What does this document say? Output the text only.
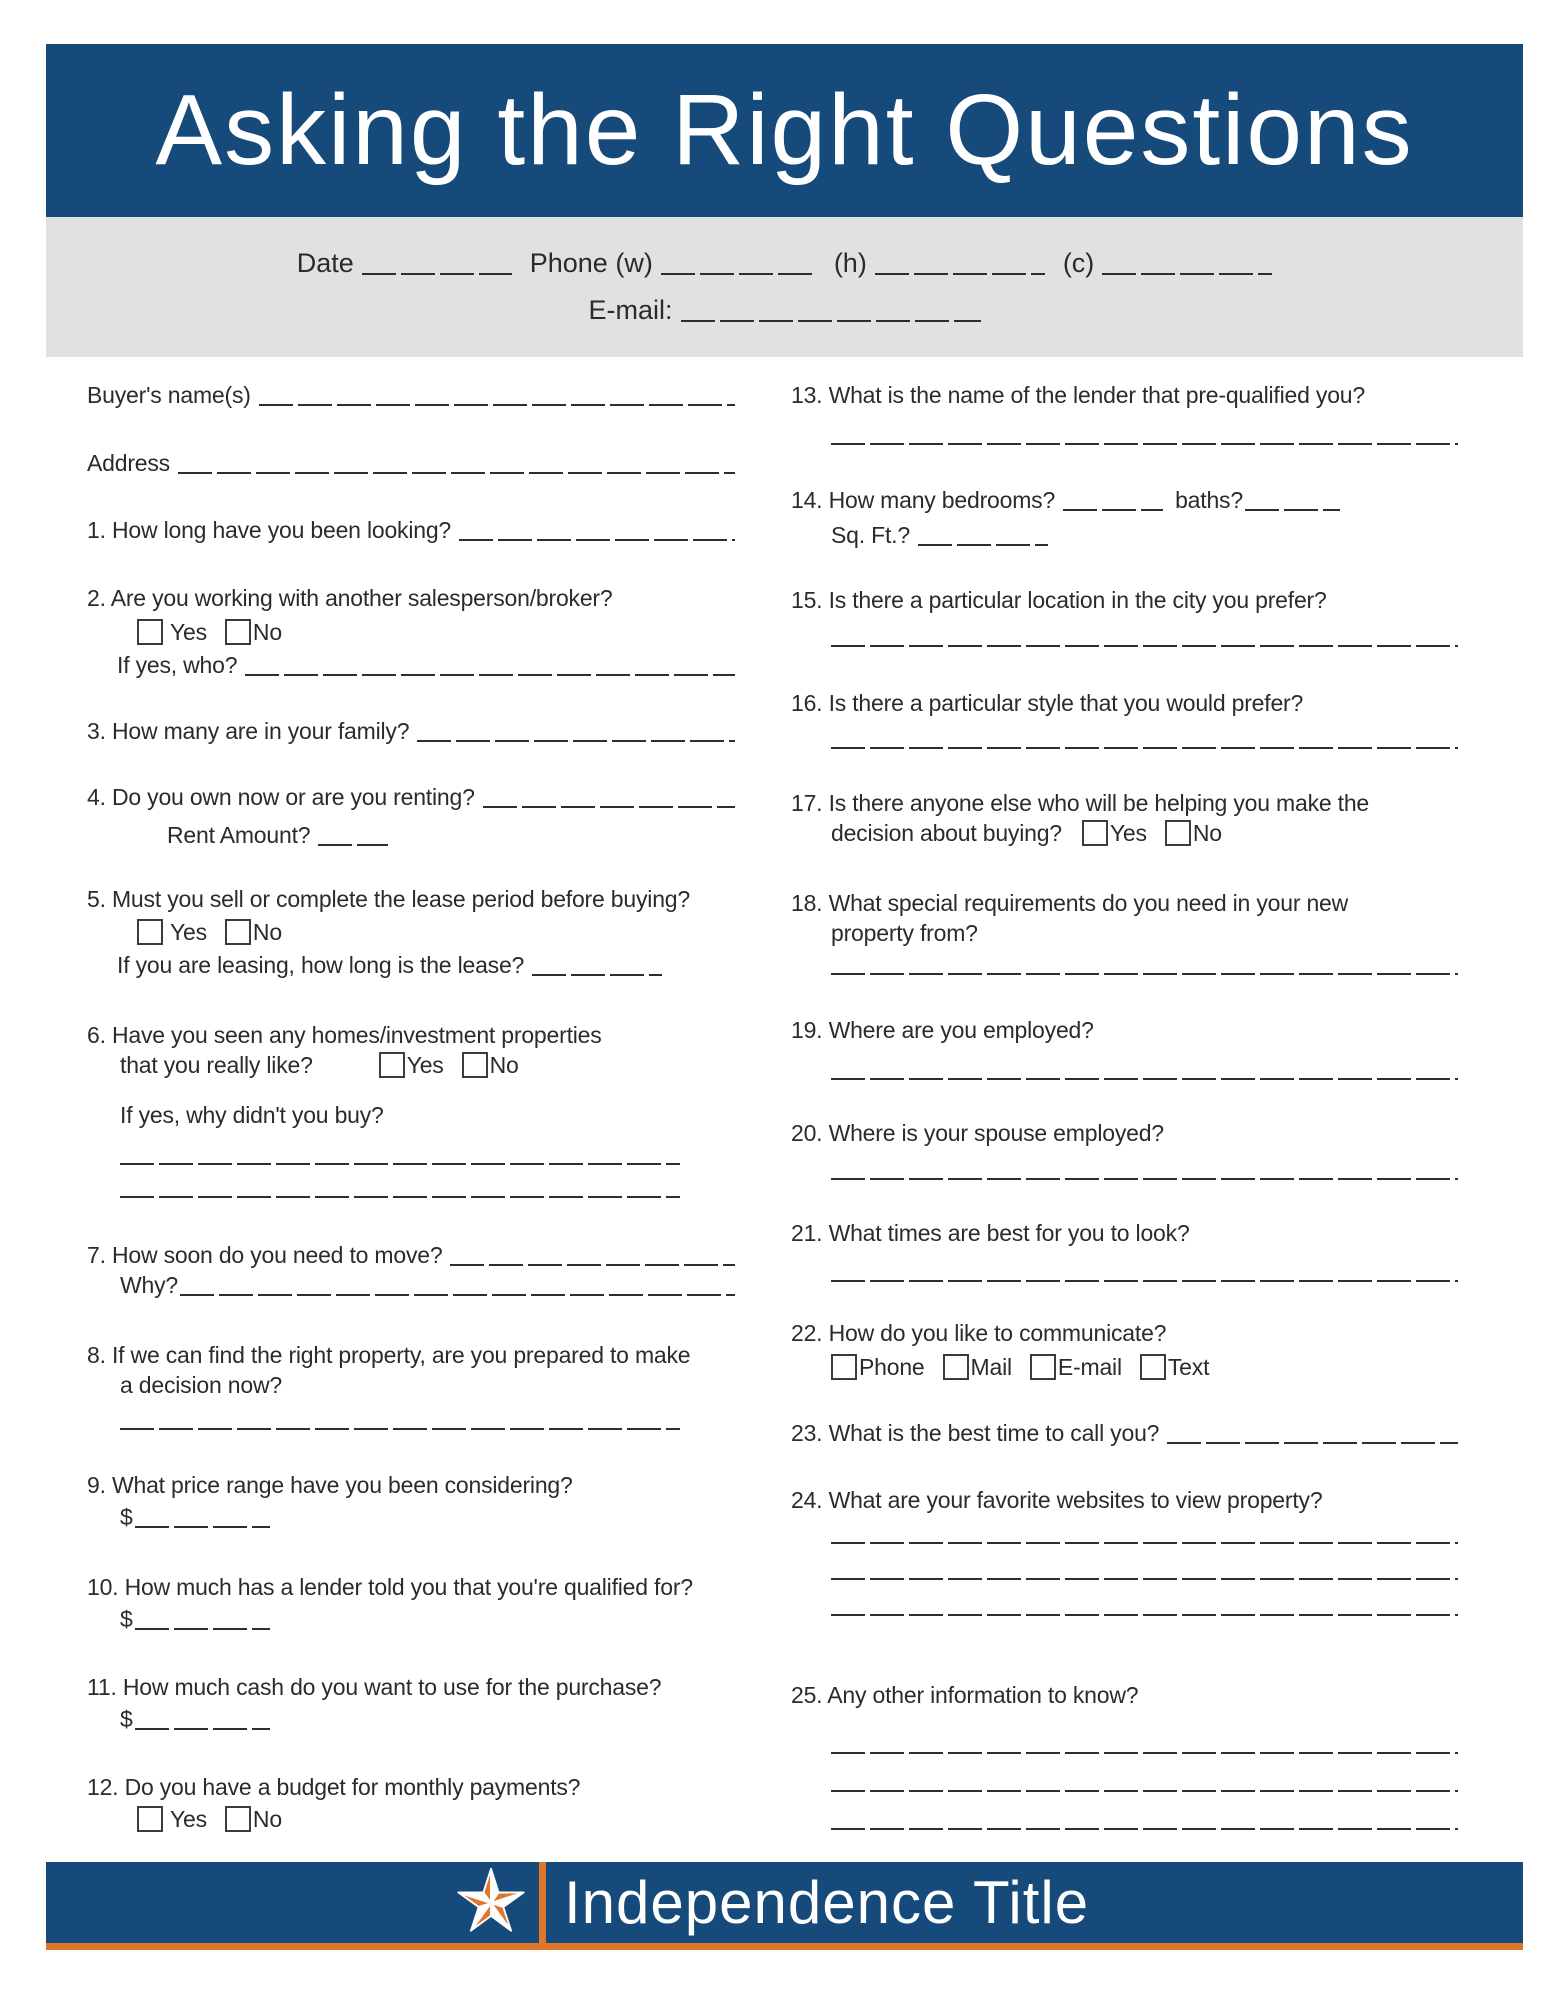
Asking the Right Questions
Date	Phone (w)	(h)	(c)
E-mail:
Buyer's name(s)
Address
1. How long have you been looking?
2. Are you working with another salesperson/broker?
Yes No
If yes, who?
3. How many are in your family?
4. Do you own now or are you renting?
Rent Amount?
5. Must you sell or complete the lease period before buying?
Yes No
If you are leasing, how long is the lease?
6. Have you seen any homes/investment properties
that you really like?	Yes No
If yes, why didn't you buy?
7. How soon do you need to move?
Why?
8. If we can find the right property, are you prepared to make
a decision now?
9. What price range have you been considering?
$
10. How much has a lender told you that you're qualified for?
$
11. How much cash do you want to use for the purchase?
$
12. Do you have a budget for monthly payments?
Yes No
13. What is the name of the lender that pre-qualified you?
14. How many bedrooms?	baths?
Sq. Ft.?
15. Is there a particular location in the city you prefer?
16. Is there a particular style that you would prefer?
17. Is there anyone else who will be helping you make the
decision about buying? Yes No
18. What special requirements do you need in your new
property from?
19. Where are you employed?
20. Where is your spouse employed?
21. What times are best for you to look?
22. How do you like to communicate?
Phone Mail E-mail Text
23. What is the best time to call you?
24. What are your favorite websites to view property?
25. Any other information to know?
Independence Title
